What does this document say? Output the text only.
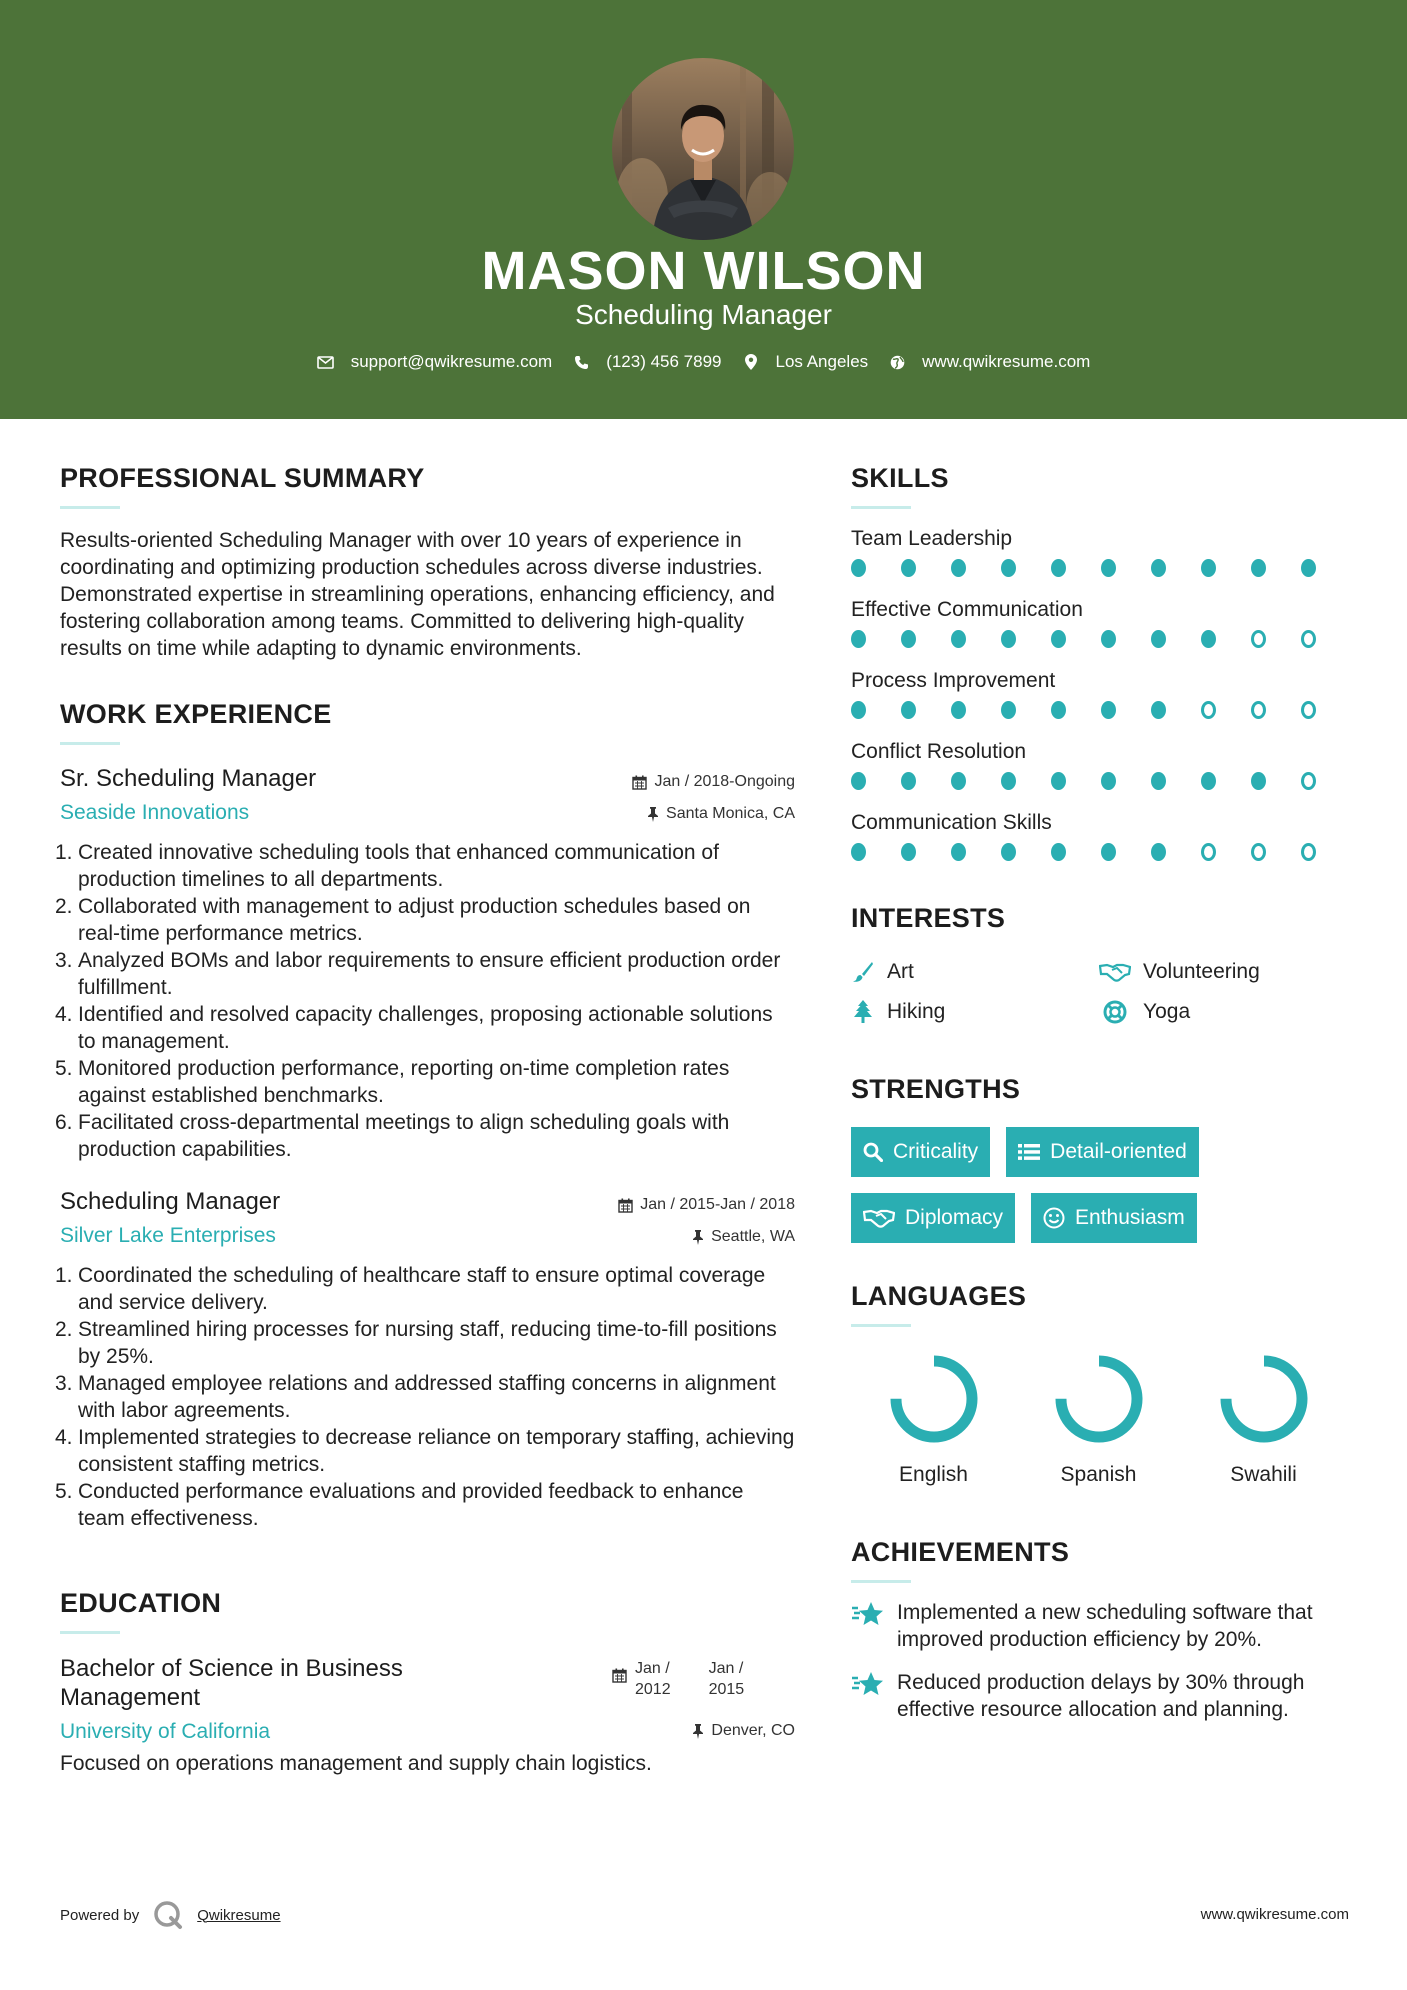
MASON WILSON
Scheduling Manager
support@qwikresume.com	(123) 456 7899	Los Angeles	www.qwikresume.com
PROFESSIONAL SUMMARY

Results-oriented Scheduling Manager with over 10 years of experience in coordinating and optimizing production schedules across diverse industries. Demonstrated expertise in streamlining operations, enhancing efficiency, and fostering collaboration among teams. Committed to delivering high-quality results on time while adapting to dynamic environments.

WORK EXPERIENCE
Jan / 2018-Ongoing
Santa Monica, CA
Sr. Scheduling Manager
Seaside Innovations
1. Created innovative scheduling tools that enhanced communication of production timelines to all departments.
2. Collaborated with management to adjust production schedules based on real-time performance metrics.
3. Analyzed BOMs and labor requirements to ensure efficient production order fulfillment.
4. Identified and resolved capacity challenges, proposing actionable solutions to management.
5. Monitored production performance, reporting on-time completion rates against established benchmarks.
6. Facilitated cross-departmental meetings to align scheduling goals with production capabilities.
Jan / 2015-Jan / 2018
Seattle, WA
Scheduling Manager
Silver Lake Enterprises
1. Coordinated the scheduling of healthcare staff to ensure optimal coverage and service delivery.
2. Streamlined hiring processes for nursing staff, reducing time-to-fill positions by 25%.
3. Managed employee relations and addressed staffing concerns in alignment with labor agreements.
4. Implemented strategies to decrease reliance on temporary staffing, achieving consistent staffing metrics.
5. Conducted performance evaluations and provided feedback to enhance team effectiveness.
EDUCATION
Jan /
2012
Jan /
2015
Denver, CO
Bachelor of Science in Business
Management
University of California

Focused on operations management and supply chain logistics.

SKILLS
Team Leadership
Effective Communication
Process Improvement
Conflict Resolution
Communication Skills
INTERESTS
Art	Volunteering
Hiking	Yoga
STRENGTHS
Criticality	Detail-oriented
Diplomacy	Enthusiasm
LANGUAGES
English	Spanish	Swahili
ACHIEVEMENTS
Implemented a new scheduling software that improved production efficiency by 20%.
Reduced production delays by 30% through effective resource allocation and planning.
Powered by	Qwikresume	www.qwikresume.com
